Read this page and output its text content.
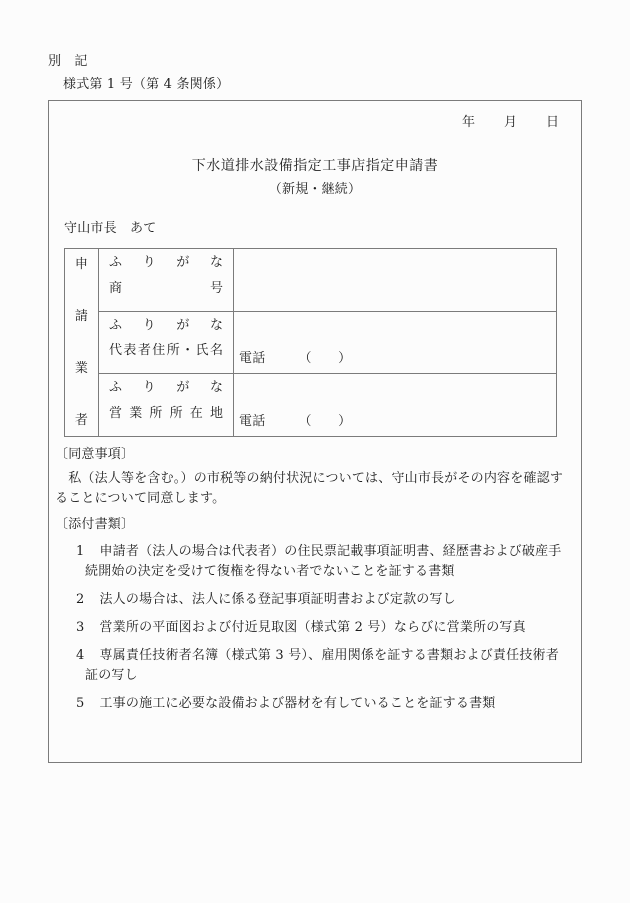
別　記
様式第 1 号（第 4 条関係）
年　　月　　日
下水道排水設備指定工事店指定申請書
（新規・継続）
守山市長　あて
申
請
業
者
ふ　り　が　な
商　　　　号
ふ　り　が　な
代表者住所・氏名
電話　　　（　　）
ふ　り　が　な
営業所所在地
電話　　　（　　）
〔同意事項〕
　私（法人等を含む。）の市税等の納付状況については、守山市長がその内容を確認することについて同意します。
〔添付書類〕
1 申請者（法人の場合は代表者）の住民票記載事項証明書、経歴書および破産手続開始の決定を受けて復権を得ない者でないことを証する書類
2 法人の場合は、法人に係る登記事項証明書および定款の写し
3 営業所の平面図および付近見取図（様式第 2 号）ならびに営業所の写真
4 専属責任技術者名簿（様式第 3 号）、雇用関係を証する書類および責任技術者証の写し
5 工事の施工に必要な設備および器材を有していることを証する書類
